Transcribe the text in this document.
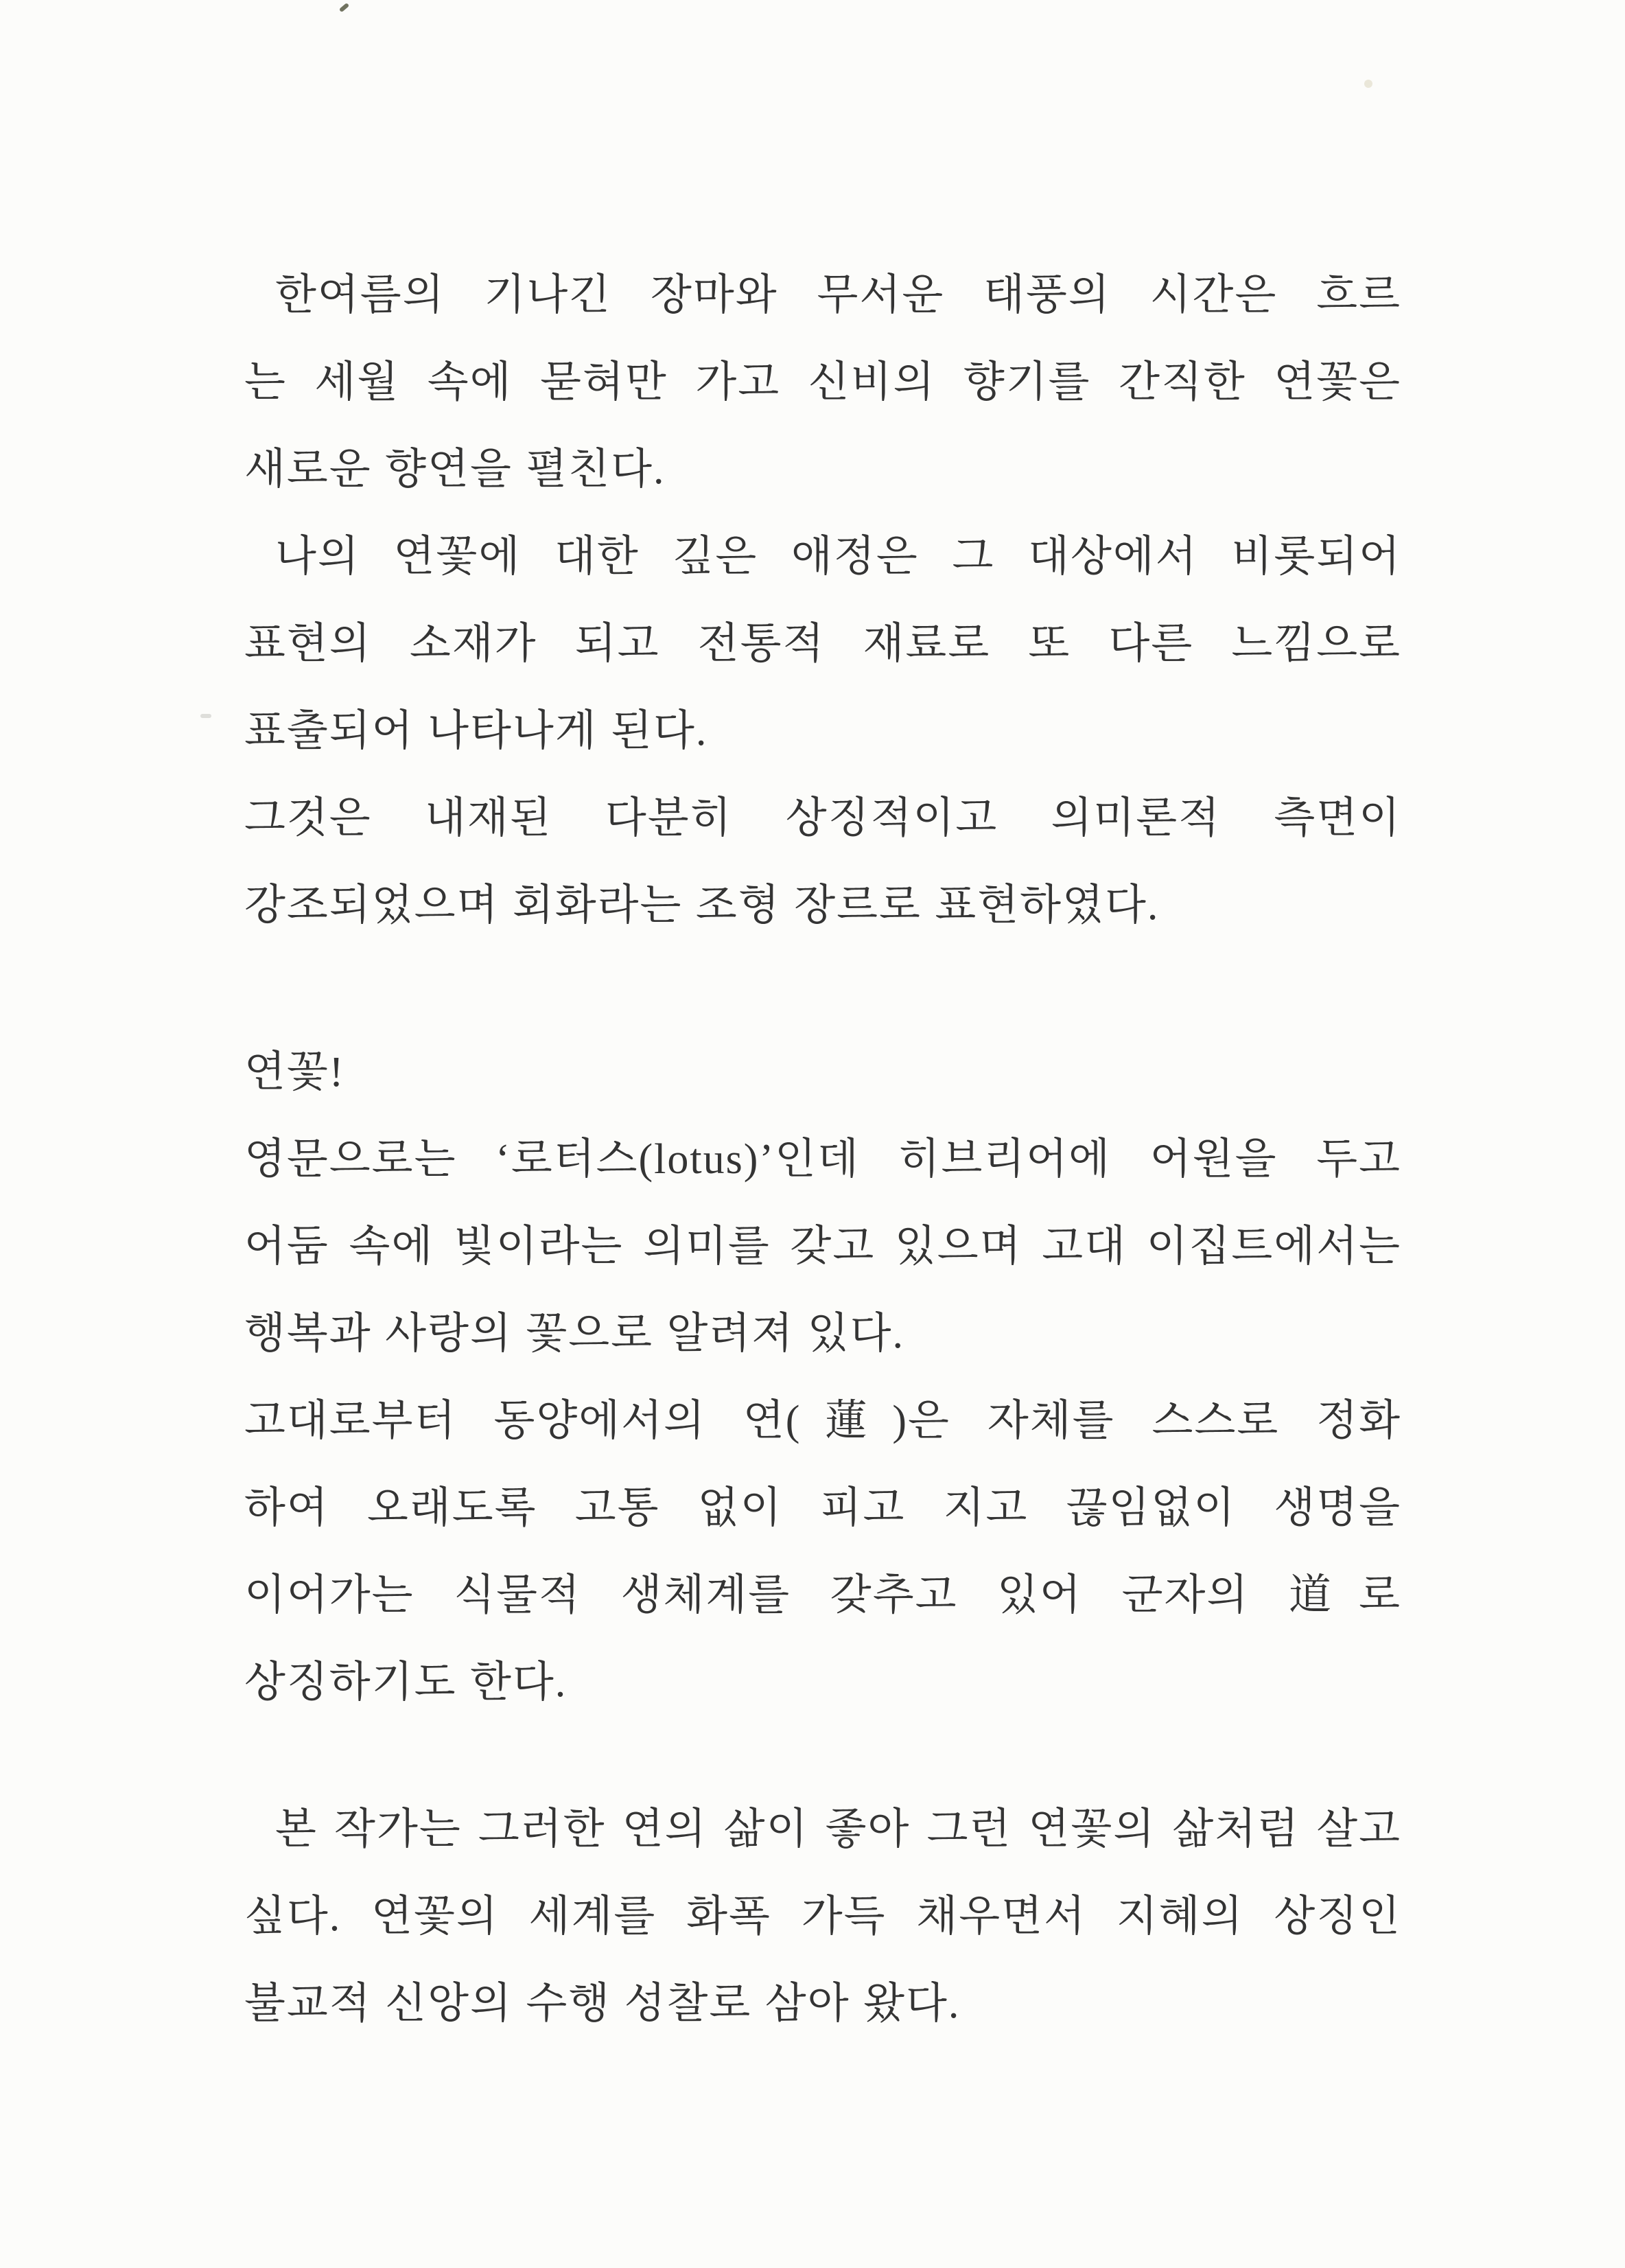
한여름의 기나긴 장마와 무서운 태풍의 시간은 흐르

는 세월 속에 묻혀만 가고 신비의 향기를 간직한 연꽃은

새로운 향연을 펼친다.

나의 연꽃에 대한 깊은 애정은 그 대상에서 비롯되어

표현의 소재가 되고 전통적 재료로 또 다른 느낌으로

표출되어 나타나게 된다.

그것은 내재된 다분히 상징적이고 의미론적 측면이

강조되었으며 회화라는 조형 장르로 표현하였다.

연꽃!

영문으로는 ‘로터스(lotus)’인데 히브리어에 어원을 두고

어둠 속에 빛이라는 의미를 갖고 있으며 고대 이집트에서는

행복과 사랑의 꽃으로 알려져 있다.

고대로부터 동양에서의 연(蓮)은 자체를 스스로 정화

하여 오래도록 고통 없이 피고 지고 끊임없이 생명을

이어가는 식물적 생체계를 갖추고 있어 군자의 道로

상징하기도 한다.

본 작가는 그러한 연의 삶이 좋아 그런 연꽃의 삶처럼 살고

싶다. 연꽃의 세계를 화폭 가득 채우면서 지혜의 상징인

불교적 신앙의 수행 성찰로 삼아 왔다.
